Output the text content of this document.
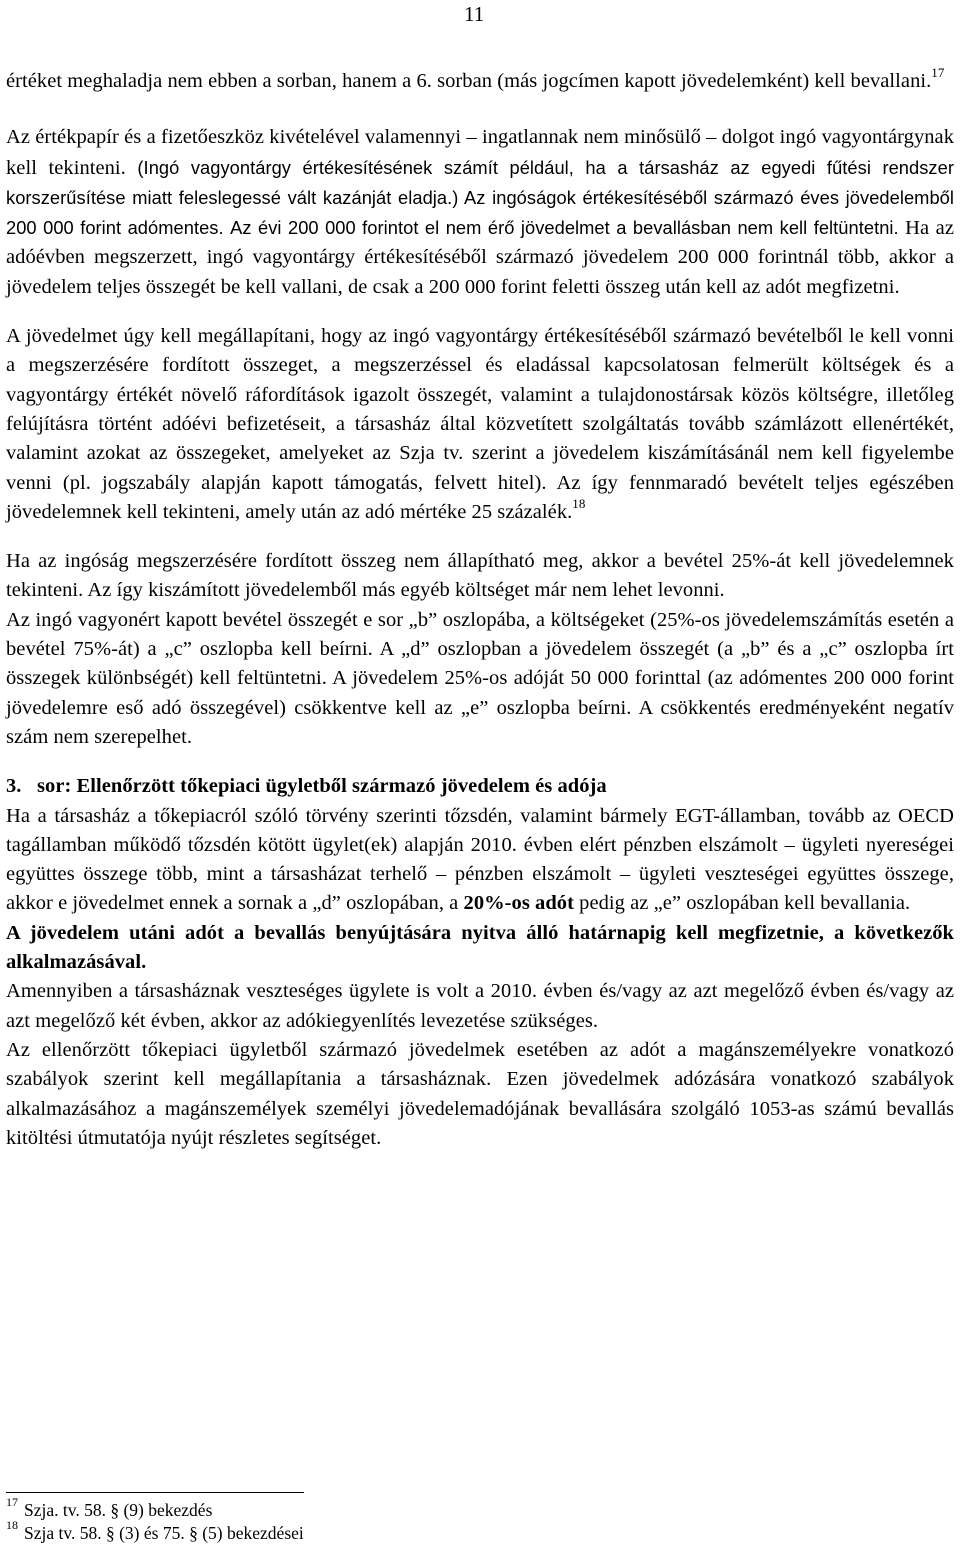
11

értéket meghaladja nem ebben a sorban, hanem a 6. sorban (más jogcímen kapott jövedelemként) kell bevallani.$^{17}$

Az értékpapír és a fizetőeszköz kivételével valamennyi – ingatlannak nem minősülő – dolgot ingó vagyontárgynak kell tekinteni. (Ingó vagyontárgy értékesítésének számít például, ha a társasház az egyedi fűtési rendszer korszerűsítése miatt feleslegessé vált kazánját eladja.) Az ingóságok értékesítéséből származó éves jövedelemből 200 000 forint adómentes. Az évi 200 000 forintot el nem érő jövedelmet a bevallásban nem kell feltüntetni. Ha az adóévben megszerzett, ingó vagyontárgy értékesítéséből származó jövedelem 200 000 forintnál több, akkor a jövedelem teljes összegét be kell vallani, de csak a 200 000 forint feletti összeg után kell az adót megfizetni.

A jövedelmet úgy kell megállapítani, hogy az ingó vagyontárgy értékesítéséből származó bevételből le kell vonni a megszerzésére fordított összeget, a megszerzéssel és eladással kapcsolatosan felmerült költségek és a vagyontárgy értékét növelő ráfordítások igazolt összegét, valamint a tulajdonostársak közös költségre, illetőleg felújításra történt adóévi befizetéseit, a társasház által közvetített szolgáltatás tovább számlázott ellenértékét, valamint azokat az összegeket, amelyeket az Szja tv. szerint a jövedelem kiszámításánál nem kell figyelembe venni (pl. jogszabály alapján kapott támogatás, felvett hitel). Az így fennmaradó bevételt teljes egészében jövedelemnek kell tekinteni, amely után az adó mértéke 25 százalék.$^{18}$

Ha az ingóság megszerzésére fordított összeg nem állapítható meg, akkor a bevétel 25%-át kell jövedelemnek tekinteni. Az így kiszámított jövedelemből más egyéb költséget már nem lehet levonni.

Az ingó vagyonért kapott bevétel összegét e sor „b” oszlopába, a költségeket (25%-os jövedelemszámítás esetén a bevétel 75%-át) a „c” oszlopba kell beírni. A „d” oszlopban a jövedelem összegét (a „b” és a „c” oszlopba írt összegek különbségét) kell feltüntetni. A jövedelem 25%-os adóját 50 000 forinttal (az adómentes 200 000 forint jövedelemre eső adó összegével) csökkentve kell az „e” oszlopba beírni. A csökkentés eredményeként negatív szám nem szerepelhet.

3. sor: Ellenőrzött tőkepiaci ügyletből származó jövedelem és adója

Ha a társasház a tőkepiacról szóló törvény szerinti tőzsdén, valamint bármely EGT-államban, tovább az OECD tagállamban működő tőzsdén kötött ügylet(ek) alapján 2010. évben elért pénzben elszámolt – ügyleti nyereségei együttes összege több, mint a társasházat terhelő – pénzben elszámolt – ügyleti veszteségei együttes összege, akkor e jövedelmet ennek a sornak a „d” oszlopában, a 20%-os adót pedig az „e” oszlopában kell bevallania.

A jövedelem utáni adót a bevallás benyújtására nyitva álló határnapig kell megfizetnie, a következők alkalmazásával.

Amennyiben a társasháznak veszteséges ügylete is volt a 2010. évben és/vagy az azt megelőző évben és/vagy az azt megelőző két évben, akkor az adókiegyenlítés levezetése szükséges.

Az ellenőrzött tőkepiaci ügyletből származó jövedelmek esetében az adót a magánszemélyekre vonatkozó szabályok szerint kell megállapítania a társasháznak. Ezen jövedelmek adózására vonatkozó szabályok alkalmazásához a magánszemélyek személyi jövedelemadójának bevallására szolgáló 1053-as számú bevallás kitöltési útmutatója nyújt részletes segítséget.

$^{17}$ Szja. tv. 58. § (9) bekezdés

$^{18}$ Szja tv. 58. § (3) és 75. § (5) bekezdései
